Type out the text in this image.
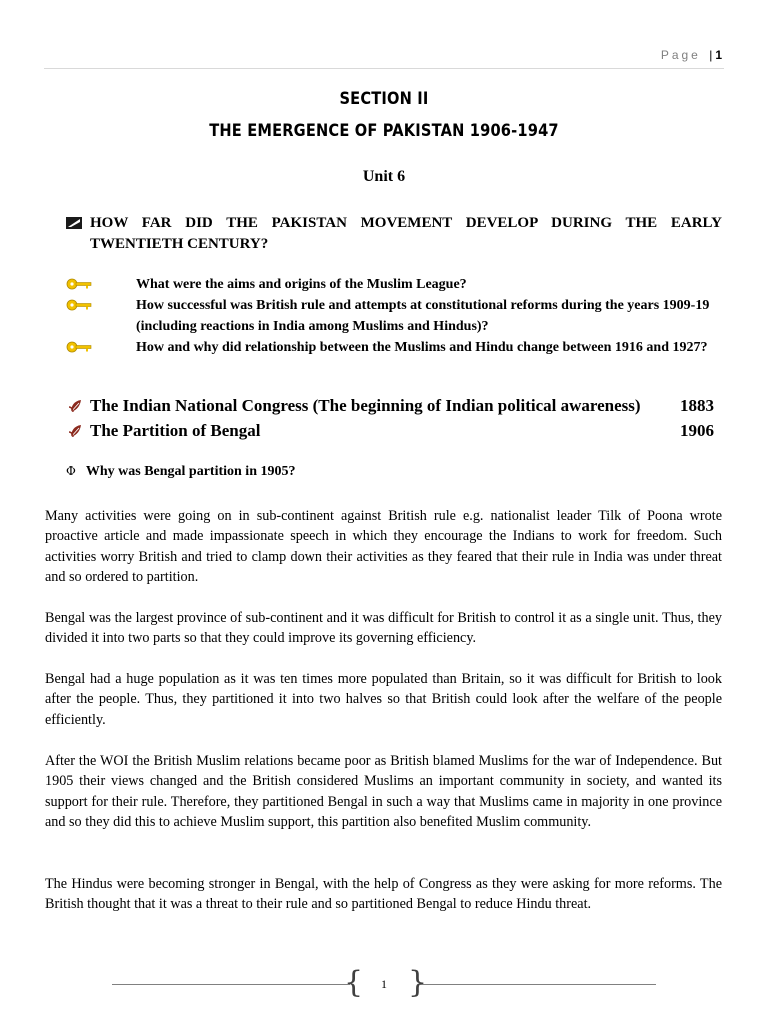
Page | 1
SECTION II
THE EMERGENCE OF PAKISTAN 1906-1947
Unit 6
HOW FAR DID THE PAKISTAN MOVEMENT DEVELOP DURING THE EARLY TWENTIETH CENTURY?
What were the aims and origins of the Muslim League?
How successful was British rule and attempts at constitutional reforms during the years 1909-19 (including reactions in India among Muslims and Hindus)?
How and why did relationship between the Muslims and Hindu change between 1916 and 1927?
The Indian National Congress (The beginning of Indian political awareness) 1883
The Partition of Bengal	1906
Φ Why was Bengal partition in 1905?

Many activities were going on in sub-continent against British rule e.g. nationalist leader Tilk of Poona wrote proactive article and made impassionate speech in which they encourage the Indians to work for freedom. Such activities worry British and tried to clamp down their activities as they feared that their rule in India was under threat and so ordered to partition.

Bengal was the largest province of sub-continent and it was difficult for British to control it as a single unit. Thus, they divided it into two parts so that they could improve its governing efficiency.

Bengal had a huge population as it was ten times more populated than Britain, so it was difficult for British to look after the people. Thus, they partitioned it into two halves so that British could look after the welfare of the people efficiently.

After the WOI the British Muslim relations became poor as British blamed Muslims for the war of Independence. But 1905 their views changed and the British considered Muslims an important community in society, and wanted its support for their rule. Therefore, they partitioned Bengal in such a way that Muslims came in majority in one province and so they did this to achieve Muslim support, this partition also benefited Muslim community.

The Hindus were becoming stronger in Bengal, with the help of Congress as they were asking for more reforms. The British thought that it was a threat to their rule and so partitioned Bengal to reduce Hindu threat.

{ }
1
